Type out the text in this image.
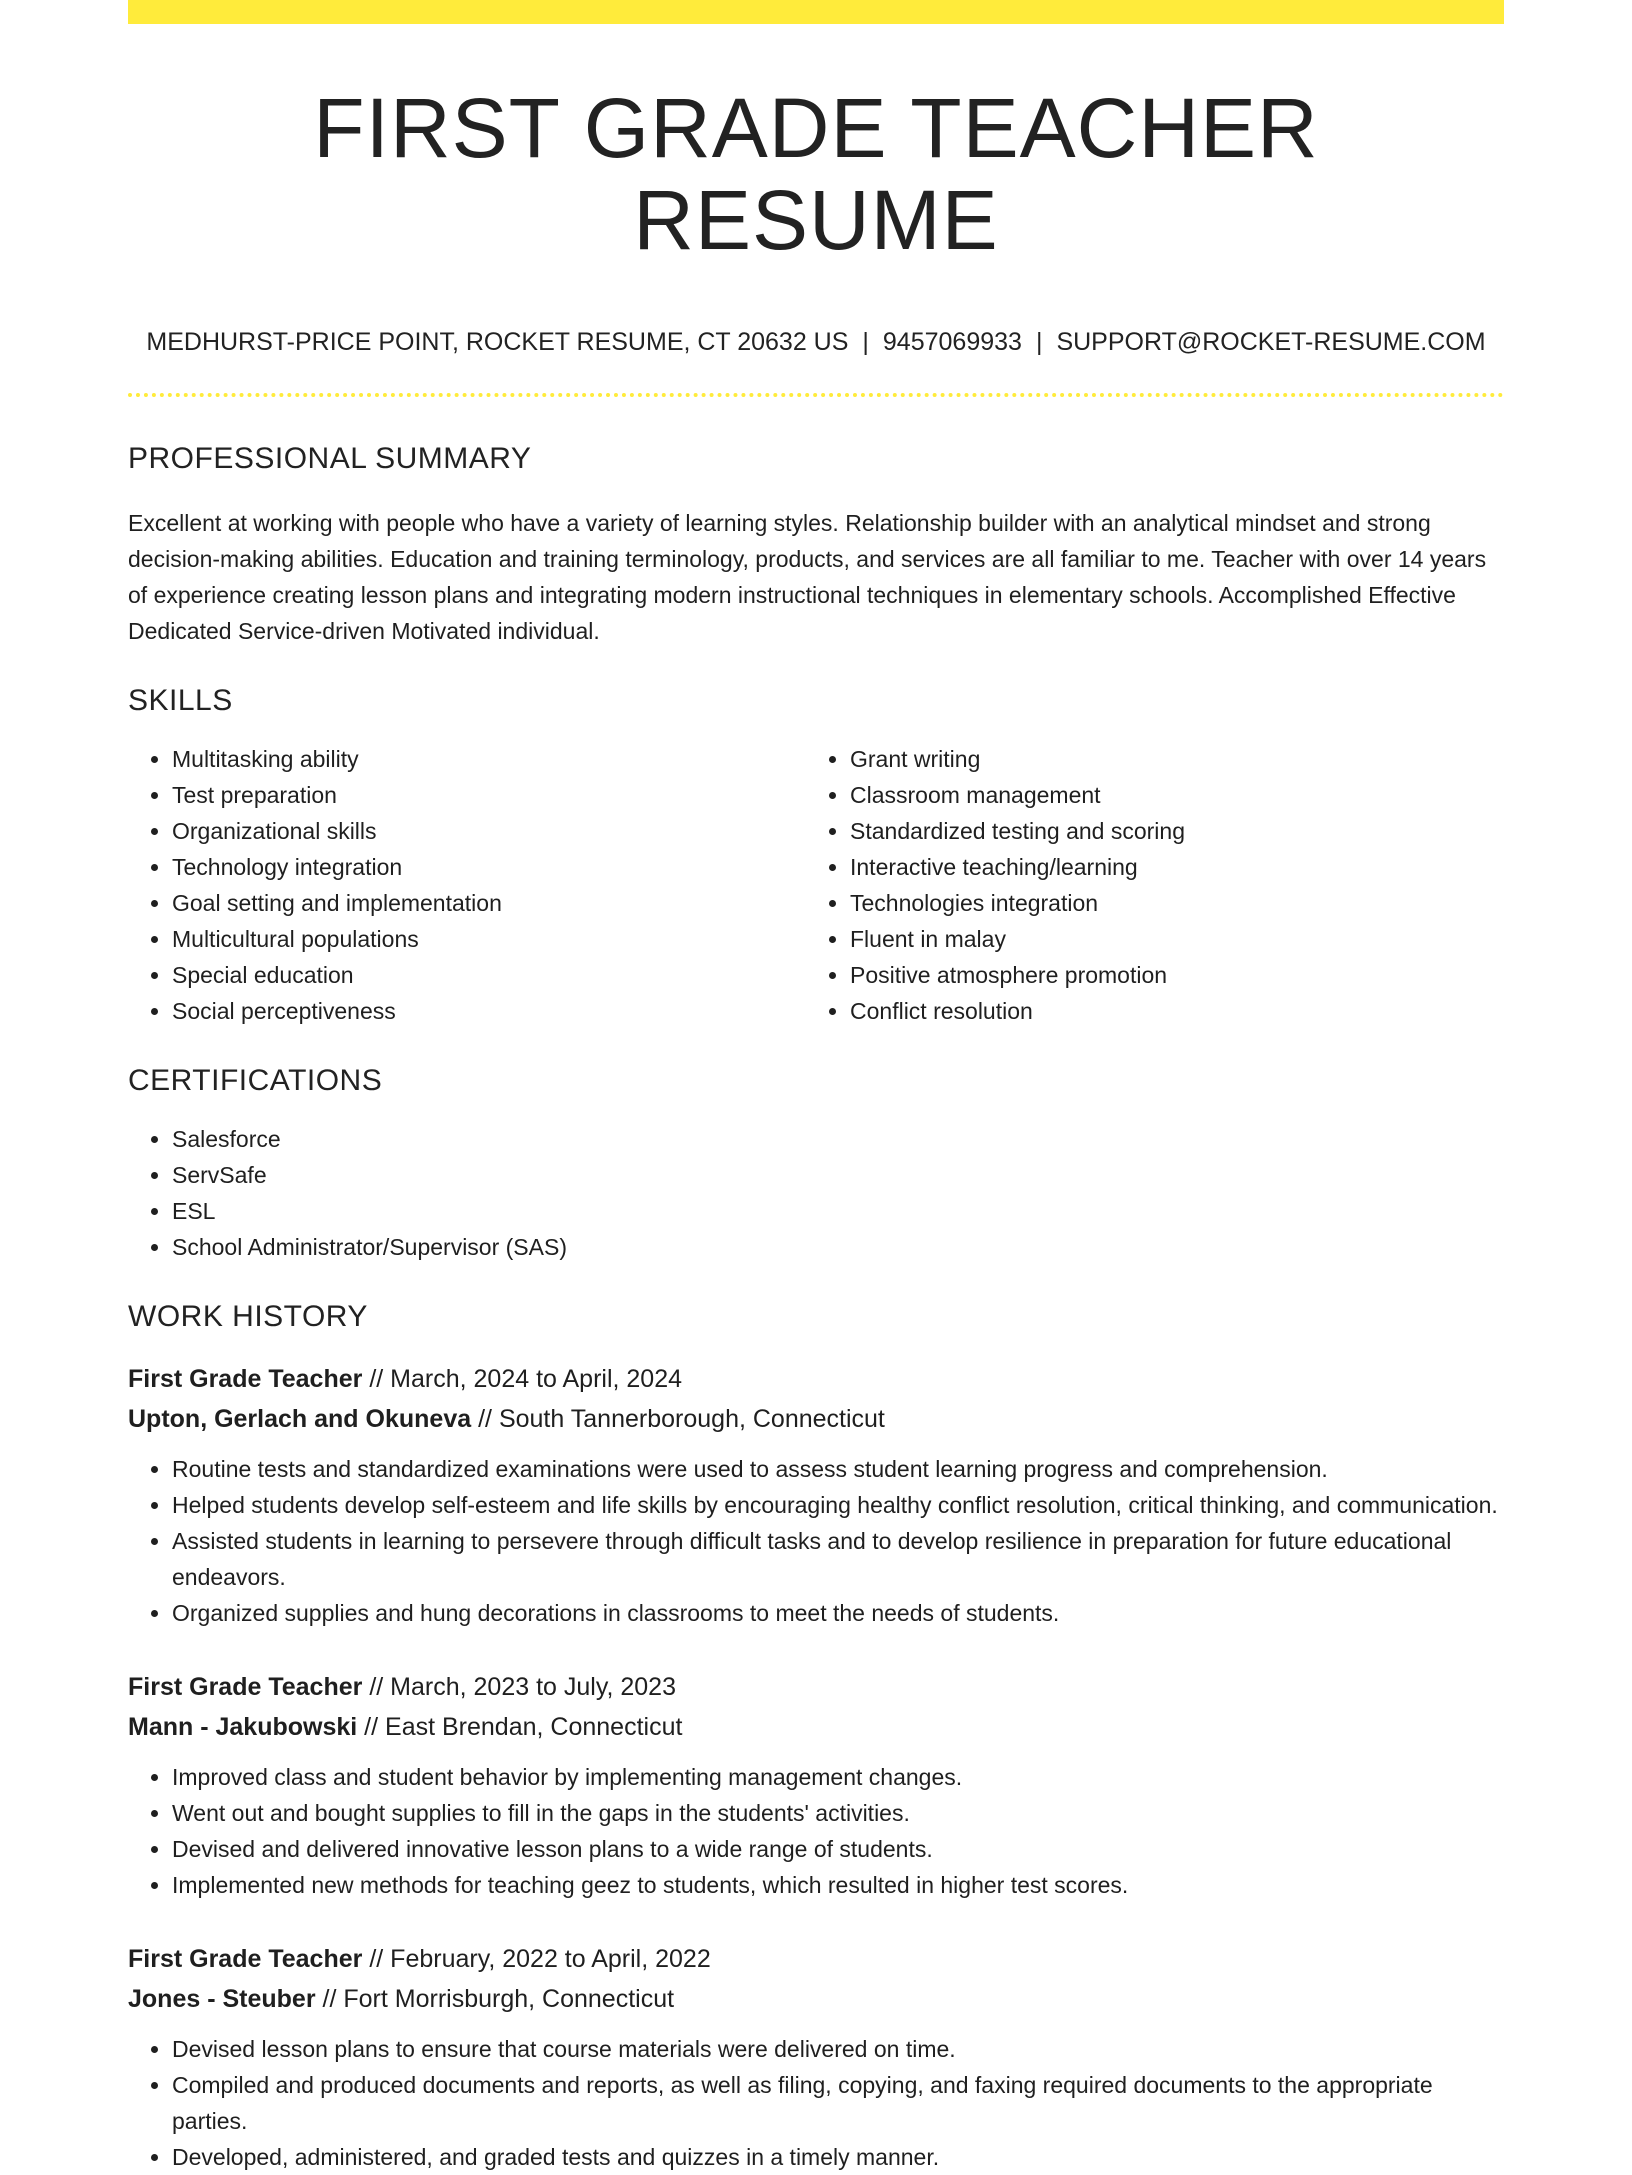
FIRST GRADE TEACHER RESUME
MEDHURST-PRICE POINT, ROCKET RESUME, CT 20632 US | 9457069933 | SUPPORT@ROCKET-RESUME.COM
PROFESSIONAL SUMMARY

Excellent at working with people who have a variety of learning styles. Relationship builder with an analytical mindset and strong decision-making abilities. Education and training terminology, products, and services are all familiar to me. Teacher with over 14 years of experience creating lesson plans and integrating modern instructional techniques in elementary schools. Accomplished Effective Dedicated Service-driven Motivated individual.

SKILLS
• Multitasking ability
• Test preparation
• Organizational skills
• Technology integration
• Goal setting and implementation
• Multicultural populations
• Special education
• Social perceptiveness
• Grant writing
• Classroom management
• Standardized testing and scoring
• Interactive teaching/learning
• Technologies integration
• Fluent in malay
• Positive atmosphere promotion
• Conflict resolution
CERTIFICATIONS
• Salesforce
• ServSafe
• ESL
• School Administrator/Supervisor (SAS)
WORK HISTORY
First Grade Teacher // March, 2024 to April, 2024
Upton, Gerlach and Okuneva // South Tannerborough, Connecticut
• Routine tests and standardized examinations were used to assess student learning progress and comprehension.
• Helped students develop self-esteem and life skills by encouraging healthy conflict resolution, critical thinking, and communication.
• Assisted students in learning to persevere through difficult tasks and to develop resilience in preparation for future educational endeavors.
• Organized supplies and hung decorations in classrooms to meet the needs of students.
First Grade Teacher // March, 2023 to July, 2023
Mann - Jakubowski // East Brendan, Connecticut
• Improved class and student behavior by implementing management changes.
• Went out and bought supplies to fill in the gaps in the students' activities.
• Devised and delivered innovative lesson plans to a wide range of students.
• Implemented new methods for teaching geez to students, which resulted in higher test scores.
First Grade Teacher // February, 2022 to April, 2022
Jones - Steuber // Fort Morrisburgh, Connecticut
• Devised lesson plans to ensure that course materials were delivered on time.
• Compiled and produced documents and reports, as well as filing, copying, and faxing required documents to the appropriate parties.
• Developed, administered, and graded tests and quizzes in a timely manner.
